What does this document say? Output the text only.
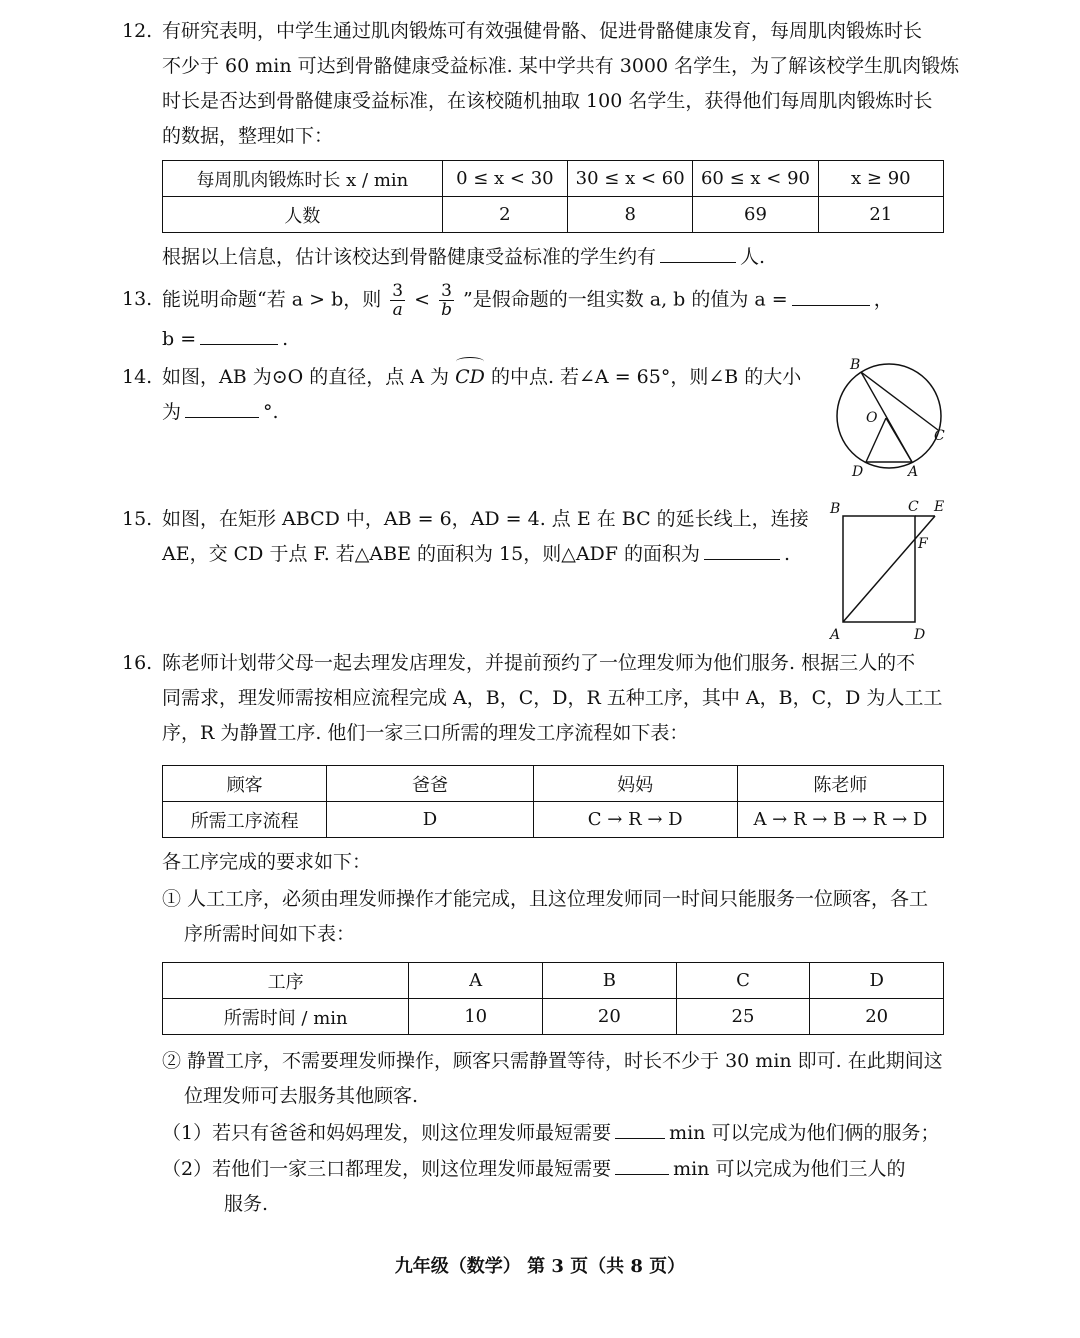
12. 有研究表明，中学生通过肌肉锻炼可有效强健骨骼、促进骨骼健康发育，每周肌肉锻炼时长
不少于 60 min 可达到骨骼健康受益标准. 某中学共有 3000 名学生，为了解该校学生肌肉锻炼
时长是否达到骨骼健康受益标准，在该校随机抽取 100 名学生，获得他们每周肌肉锻炼时长
的数据，整理如下：
每周肌肉锻炼时长 x / min	0 ≤ x < 30	30 ≤ x < 60	60 ≤ x < 90	x ≥ 90
人数	2	8	69	21
根据以上信息，估计该校达到骨骼健康受益标准的学生约有	人.
13. 能说明命题“若 a > b，则 $\frac{3}{a} < \frac{3}{b}$ ”是假命题的一组实数 a, b 的值为 a =	，
b =	.
14. 如图，AB 为⊙O 的直径，点 A 为 CD 的中点. 若∠A = 65°，则∠B 的大小
为	°.
B
O
C
D	A
15. 如图，在矩形 ABCD 中，AB = 6，AD = 4. 点 E 在 BC 的延长线上，连接
AE，交 CD 于点 F. 若△ABE 的面积为 15，则△ADF 的面积为	.
B	C E
F
A	D
16. 陈老师计划带父母一起去理发店理发，并提前预约了一位理发师为他们服务. 根据三人的不
同需求，理发师需按相应流程完成 A，B，C，D，R 五种工序，其中 A，B，C，D 为人工工
序，R 为静置工序. 他们一家三口所需的理发工序流程如下表：
顾客	爸爸	妈妈	陈老师
所需工序流程	D	C → R → D	A → R → B → R → D
各工序完成的要求如下：
① 人工工序，必须由理发师操作才能完成，且这位理发师同一时间只能服务一位顾客，各工
序所需时间如下表：
工序	A	B	C	D
所需时间 / min	10	20	25	20
② 静置工序，不需要理发师操作，顾客只需静置等待，时长不少于 30 min 即可. 在此期间这
位理发师可去服务其他顾客.
（1）若只有爸爸和妈妈理发，则这位理发师最短需要	min 可以完成为他们俩的服务；
（2）若他们一家三口都理发，则这位理发师最短需要	min 可以完成为他们三人的
服务.
九年级（数学） 第 3 页（共 8 页）
